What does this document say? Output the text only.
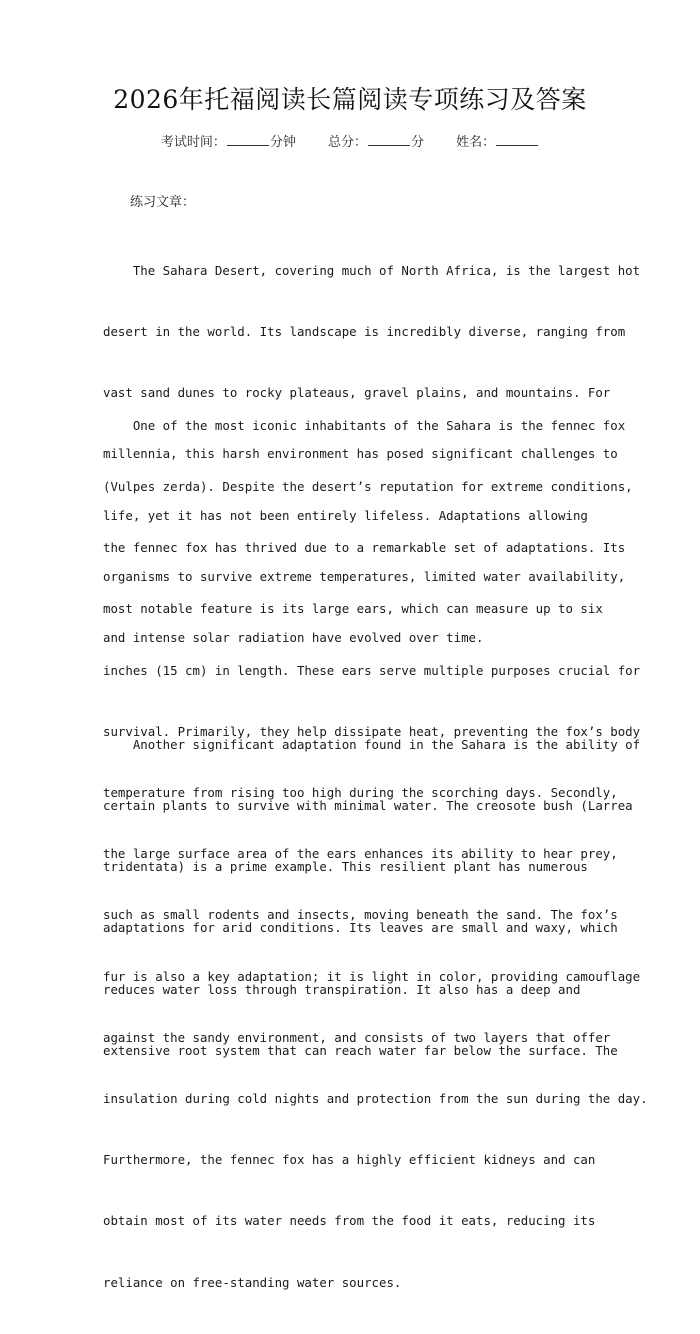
2026年托福阅读长篇阅读专项练习及答案
考试时间：	分钟 总分：	分 姓名：
练习文章：

The Sahara Desert, covering much of North Africa, is the largest hot

desert in the world. Its landscape is incredibly diverse, ranging from

vast sand dunes to rocky plateaus, gravel plains, and mountains. For

millennia, this harsh environment has posed significant challenges to

life, yet it has not been entirely lifeless. Adaptations allowing

organisms to survive extreme temperatures, limited water availability,

and intense solar radiation have evolved over time.

One of the most iconic inhabitants of the Sahara is the fennec fox

(Vulpes zerda). Despite the desert’s reputation for extreme conditions,

the fennec fox has thrived due to a remarkable set of adaptations. Its

most notable feature is its large ears, which can measure up to six

inches (15 cm) in length. These ears serve multiple purposes crucial for

survival. Primarily, they help dissipate heat, preventing the fox’s body

temperature from rising too high during the scorching days. Secondly,

the large surface area of the ears enhances its ability to hear prey,

such as small rodents and insects, moving beneath the sand. The fox’s

fur is also a key adaptation; it is light in color, providing camouflage

against the sandy environment, and consists of two layers that offer

insulation during cold nights and protection from the sun during the day.

Furthermore, the fennec fox has a highly efficient kidneys and can

obtain most of its water needs from the food it eats, reducing its

reliance on free-standing water sources.

Another significant adaptation found in the Sahara is the ability of

certain plants to survive with minimal water. The creosote bush (Larrea

tridentata) is a prime example. This resilient plant has numerous

adaptations for arid conditions. Its leaves are small and waxy, which

reduces water loss through transpiration. It also has a deep and

extensive root system that can reach water far below the surface. The
